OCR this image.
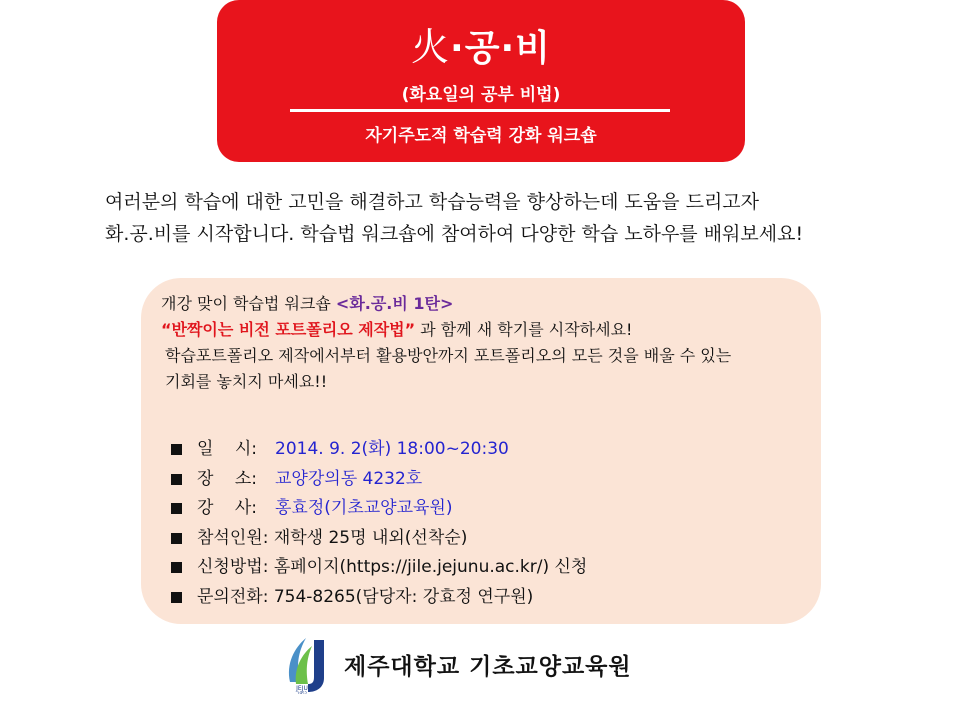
火·공·비
(화요일의 공부 비법)
자기주도적 학습력 강화 워크숍
여러분의 학습에 대한 고민을 해결하고 학습능력을 향상하는데 도움을 드리고자
화.공.비를 시작합니다. 학습법 워크숍에 참여하여 다양한 학습 노하우를 배워보세요!
개강 맞이 학습법 워크숍 <화.공.비 1탄>
“반짝이는 비전 포트폴리오 제작법” 과 함께 새 학기를 시작하세요!
학습포트폴리오 제작에서부터 활용방안까지 포트폴리오의 모든 것을 배울 수 있는
기회를 놓치지 마세요!!
일 시: 2014. 9. 2(화) 18:00~20:30
장 소: 교양강의동 4232호
강 사: 홍효정(기초교양교육원)
참석인원: 재학생 25명 내외(선착순)
신청방법: 홈페이지(https://jile.jejunu.ac.kr/) 신청
문의전화: 754-8265(담당자: 강효정 연구원)
JEJU
1952
제주대학교 기초교양교육원
